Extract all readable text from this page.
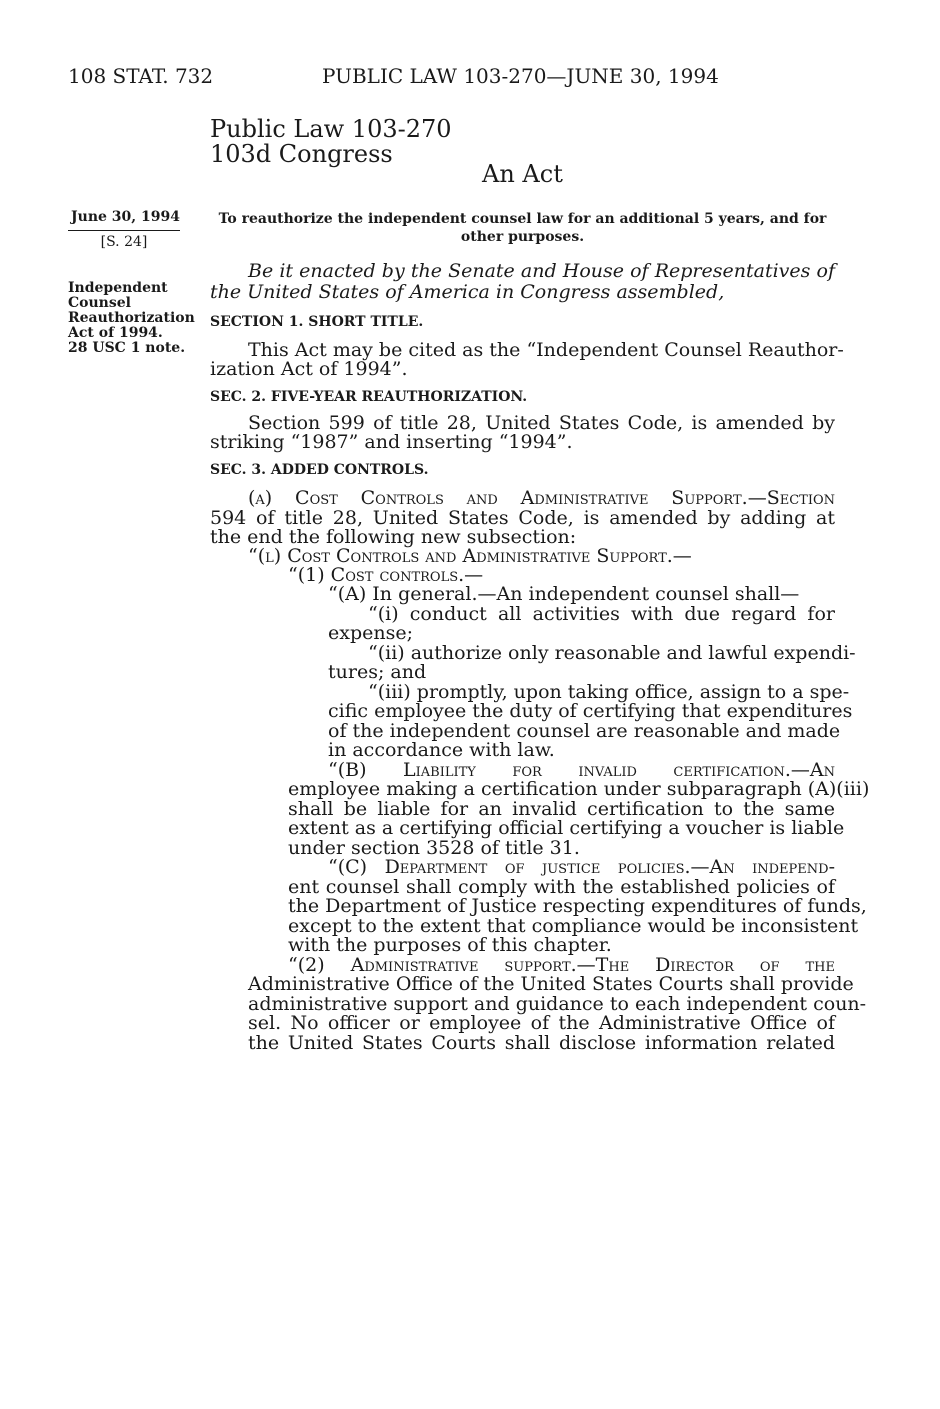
108 STAT. 732	PUBLIC LAW 103-270—JUNE 30, 1994
Public Law 103-270
103d Congress
An Act
June 30, 1994
[S. 24]
Independent
Counsel
Reauthorization
Act of 1994.
28 USC 1 note.
To reauthorize the independent counsel law for an additional 5 years, and for other purposes.
Be it enacted by the Senate and House of Representatives of
the United States of America in Congress assembled,
SECTION 1. SHORT TITLE.
This Act may be cited as the “Independent Counsel Reauthor-
ization Act of 1994”.
SEC. 2. FIVE-YEAR REAUTHORIZATION.
Section 599 of title 28, United States Code, is amended by
striking “1987” and inserting “1994”.
SEC. 3. ADDED CONTROLS.
(a) Cost Controls and Administrative Support.—Section
594 of title 28, United States Code, is amended by adding at
the end the following new subsection:
“(l) Cost Controls and Administrative Support.—
“(1) Cost controls.—
“(A) In general.—An independent counsel shall—
“(i) conduct all activities with due regard for
expense;
“(ii) authorize only reasonable and lawful expendi-
tures; and
“(iii) promptly, upon taking office, assign to a spe-
cific employee the duty of certifying that expenditures
of the independent counsel are reasonable and made
in accordance with law.
“(B) Liability for invalid certification.—An
employee making a certification under subparagraph (A)(iii)
shall be liable for an invalid certification to the same
extent as a certifying official certifying a voucher is liable
under section 3528 of title 31.
“(C) Department of justice policies.—An independ-
ent counsel shall comply with the established policies of
the Department of Justice respecting expenditures of funds,
except to the extent that compliance would be inconsistent
with the purposes of this chapter.
“(2) Administrative support.—The Director of the
Administrative Office of the United States Courts shall provide
administrative support and guidance to each independent coun-
sel. No officer or employee of the Administrative Office of
the United States Courts shall disclose information related
